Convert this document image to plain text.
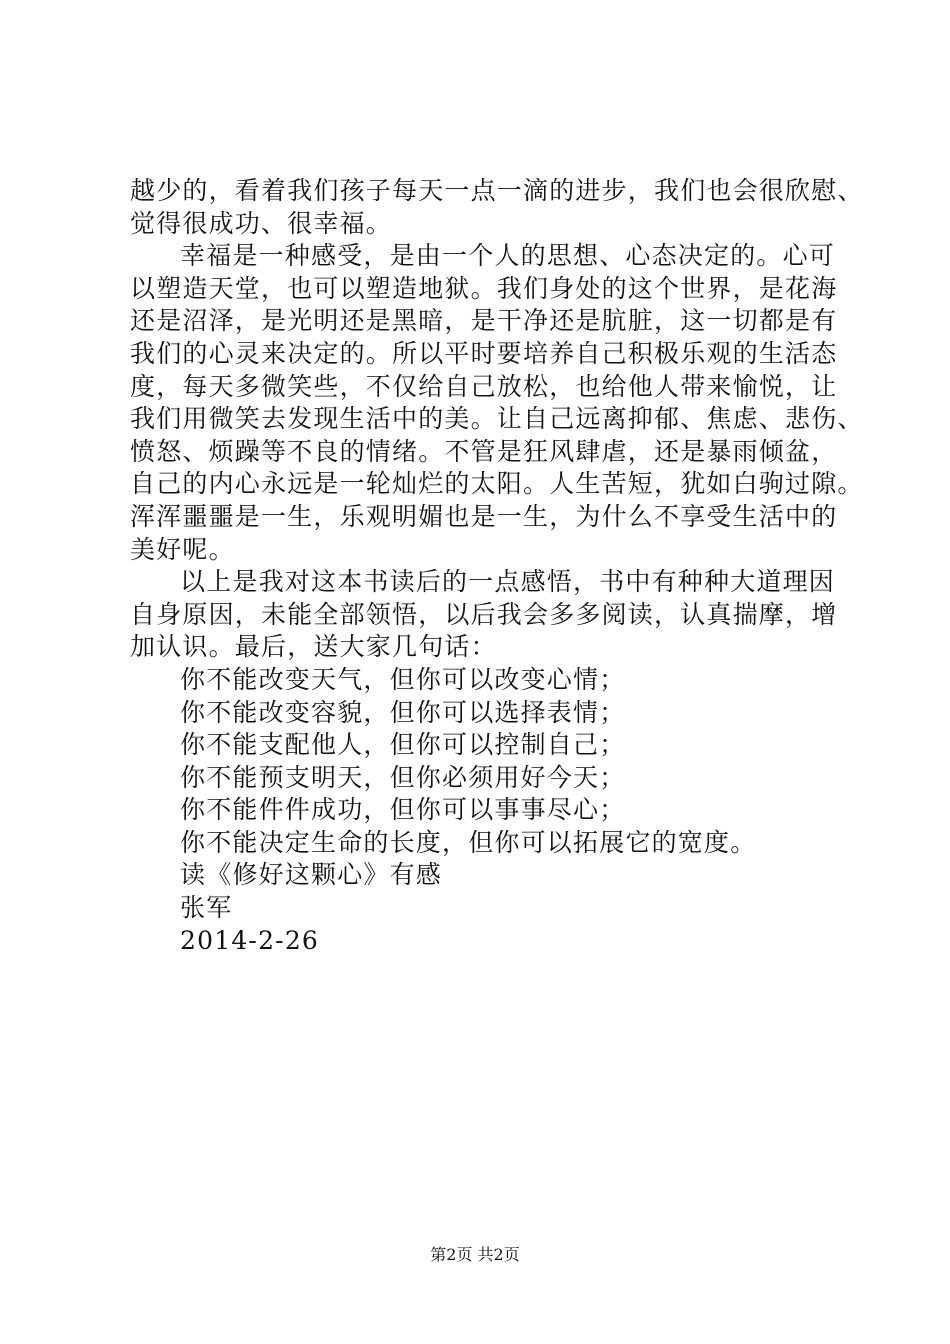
越少的，看着我们孩子每天一点一滴的进步，我们也会很欣慰、
觉得很成功、很幸福。
幸福是一种感受，是由一个人的思想、心态决定的。心可
以塑造天堂，也可以塑造地狱。我们身处的这个世界，是花海
还是沼泽，是光明还是黑暗，是干净还是肮脏，这一切都是有
我们的心灵来决定的。所以平时要培养自己积极乐观的生活态
度，每天多微笑些，不仅给自己放松，也给他人带来愉悦，让
我们用微笑去发现生活中的美。让自己远离抑郁、焦虑、悲伤、
愤怒、烦躁等不良的情绪。不管是狂风肆虐，还是暴雨倾盆，
自己的内心永远是一轮灿烂的太阳。人生苦短，犹如白驹过隙。
浑浑噩噩是一生，乐观明媚也是一生，为什么不享受生活中的
美好呢。
以上是我对这本书读后的一点感悟，书中有种种大道理因
自身原因，未能全部领悟，以后我会多多阅读，认真揣摩，增
加认识。最后，送大家几句话：
你不能改变天气，但你可以改变心情；
你不能改变容貌，但你可以选择表情；
你不能支配他人，但你可以控制自己；
你不能预支明天，但你必须用好今天；
你不能件件成功，但你可以事事尽心；
你不能决定生命的长度，但你可以拓展它的宽度。
读《修好这颗心》有感
张军
2014-2-26
第2页 共2页
